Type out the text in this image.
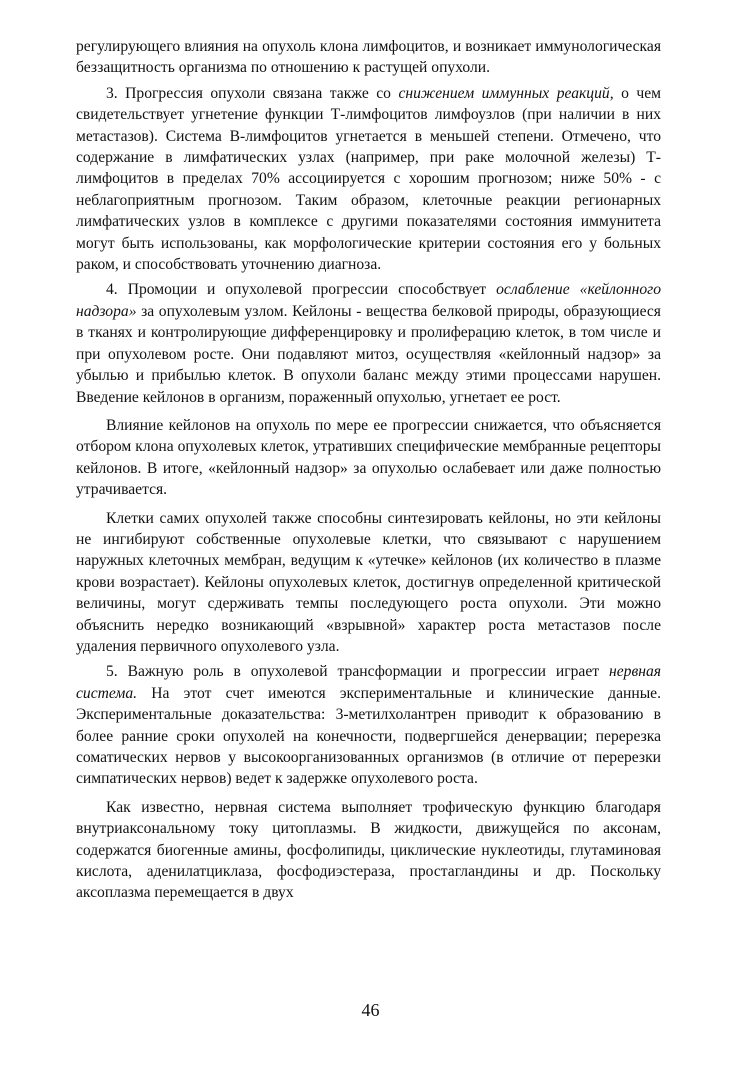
регулирующего влияния на опухоль клона лимфоцитов, и возникает иммунологическая беззащитность организма по отношению к растущей опухоли.

3. Прогрессия опухоли связана также со снижением иммунных реакций, о чем свидетельствует угнетение функции Т-лимфоцитов лимфоузлов (при наличии в них метастазов). Система В-лимфоцитов угнетается в меньшей степени. Отмечено, что содержание в лимфатических узлах (например, при раке молочной железы) Т-лимфоцитов в пределах 70% ассоциируется с хорошим прогнозом; ниже 50% - с неблагоприятным прогнозом. Таким образом, клеточные реакции регионарных лимфатических узлов в комплексе с другими показателями состояния иммунитета могут быть использованы, как морфологические критерии состояния его у больных раком, и способствовать уточнению диагноза.

4. Промоции и опухолевой прогрессии способствует ослабление «кейлонного надзора» за опухолевым узлом. Кейлоны - вещества белковой природы, образующиеся в тканях и контролирующие дифференцировку и пролиферацию клеток, в том числе и при опухолевом росте. Они подавляют митоз, осуществляя «кейлонный надзор» за убылью и прибылью клеток. В опухоли баланс между этими процессами нарушен. Введение кейлонов в организм, пораженный опухолью, угнетает ее рост.

Влияние кейлонов на опухоль по мере ее прогрессии снижается, что объясняется отбором клона опухолевых клеток, утративших специфические мембранные рецепторы кейлонов. В итоге, «кейлонный надзор» за опухолью ослабевает или даже полностью утрачивается.

Клетки самих опухолей также способны синтезировать кейлоны, но эти кейлоны не ингибируют собственные опухолевые клетки, что связывают с нарушением наружных клеточных мембран, ведущим к «утечке» кейлонов (их количество в плазме крови возрастает). Кейлоны опухолевых клеток, достигнув определенной критической величины, могут сдерживать темпы последующего роста опухоли. Эти можно объяснить нередко возникающий «взрывной» характер роста метастазов после удаления первичного опухолевого узла.

5. Важную роль в опухолевой трансформации и прогрессии играет нервная система. На этот счет имеются экспериментальные и клинические данные. Экспериментальные доказательства: 3-метилхолантрен приводит к образованию в более ранние сроки опухолей на конечности, подвергшейся денервации; перерезка соматических нервов у высокоорганизованных организмов (в отличие от перерезки симпатических нервов) ведет к задержке опухолевого роста.

Как известно, нервная система выполняет трофическую функцию благодаря внутриаксональному току цитоплазмы. В жидкости, движущейся по аксонам, содержатся биогенные амины, фосфолипиды, циклические нуклеотиды, глутаминовая кислота, аденилатциклаза, фосфодиэстераза, простагландины и др. Поскольку аксоплазма перемещается в двух

46
